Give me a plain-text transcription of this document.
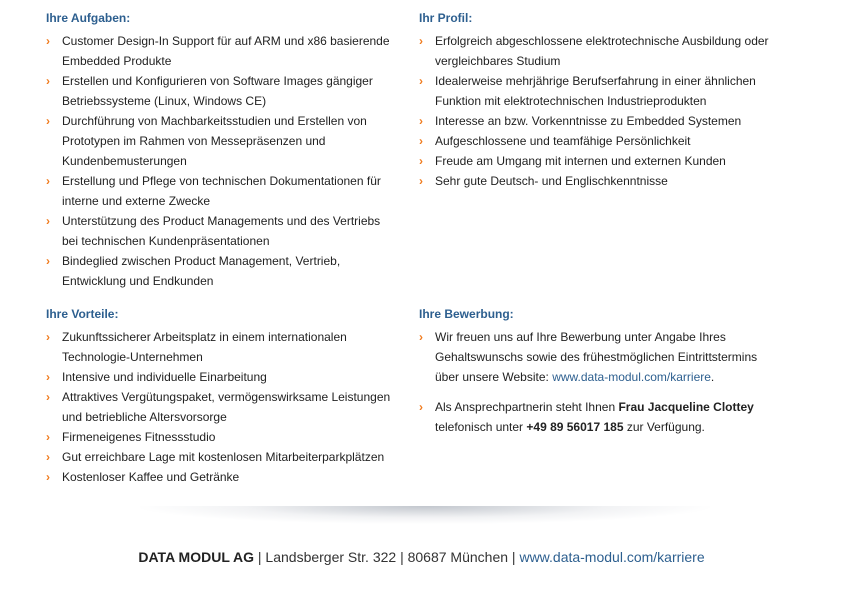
Ihre Aufgaben:
›	Customer Design-In Support für auf ARM und x86 basierende Embedded Produkte
›	Erstellen und Konfigurieren von Software Images gängiger Betriebssysteme (Linux, Windows CE)
›	Durchführung von Machbarkeitsstudien und Erstellen von Prototypen im Rahmen von Messepräsenzen und Kundenbemusterungen
›	Erstellung und Pflege von technischen Dokumentationen für interne und externe Zwecke
›	Unterstützung des Product Managements und des Vertriebs bei technischen Kundenpräsentationen
›	Bindeglied zwischen Product Management, Vertrieb, Entwicklung und Endkunden
Ihr Profil:
›	Erfolgreich abgeschlossene elektrotechnische Ausbildung oder vergleichbares Studium
›	Idealerweise mehrjährige Berufserfahrung in einer ähnlichen Funktion mit elektrotechnischen Industrieprodukten
›	Interesse an bzw. Vorkenntnisse zu Embedded Systemen
›	Aufgeschlossene und teamfähige Persönlichkeit
›	Freude am Umgang mit internen und externen Kunden
›	Sehr gute Deutsch- und Englischkenntnisse
Ihre Vorteile:
›	Zukunftssicherer Arbeitsplatz in einem internationalen Technologie-Unternehmen
›	Intensive und individuelle Einarbeitung
›	Attraktives Vergütungspaket, vermögenswirksame Leistungen und betriebliche Altersvorsorge
›	Firmeneigenes Fitnessstudio
›	Gut erreichbare Lage mit kostenlosen Mitarbeiterparkplätzen
›	Kostenloser Kaffee und Getränke
Ihre Bewerbung:
›	Wir freuen uns auf Ihre Bewerbung unter Angabe Ihres Gehaltswunschs sowie des frühestmöglichen Eintrittstermins über unsere Website: www.data-modul.com/karriere.
›	Als Ansprechpartnerin steht Ihnen Frau Jacqueline Clottey telefonisch unter +49 89 56017 185 zur Verfügung.
DATA MODUL AG | Landsberger Str. 322 | 80687 München | www.data-modul.com/karriere
